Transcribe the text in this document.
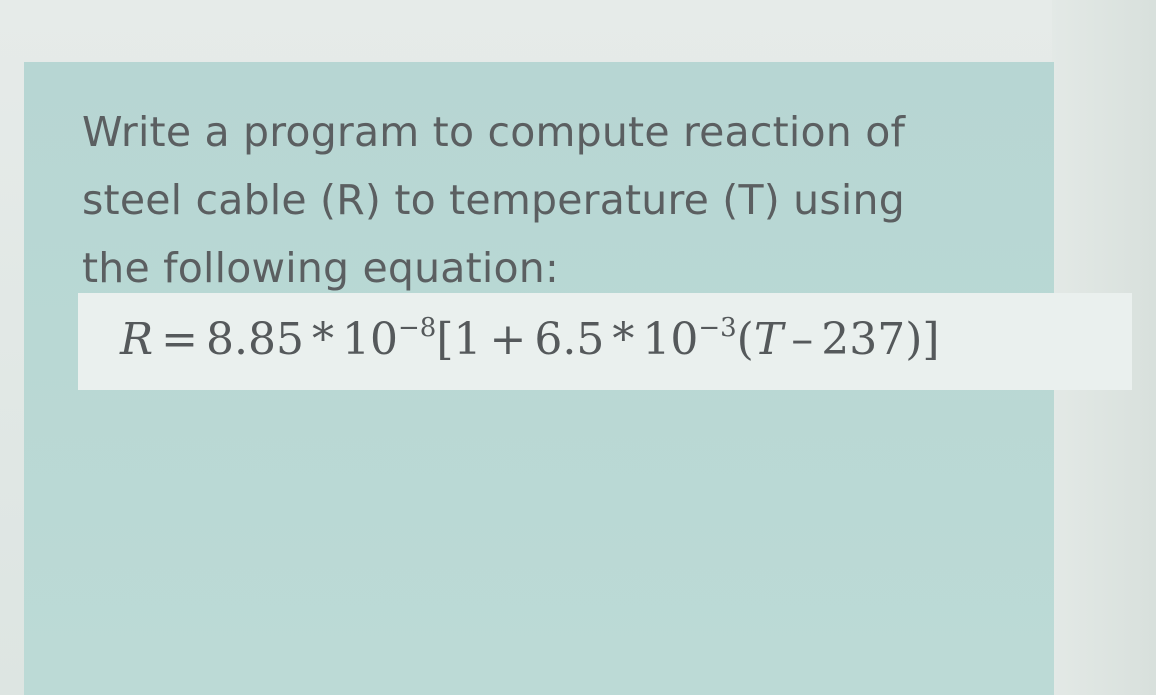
Write a program to compute reaction of
steel cable (R) to temperature (T) using
the following equation:
$R = 8.85 * 10^{-8}[1 + 6.5 * 10^{-3}(T - 237)]$
